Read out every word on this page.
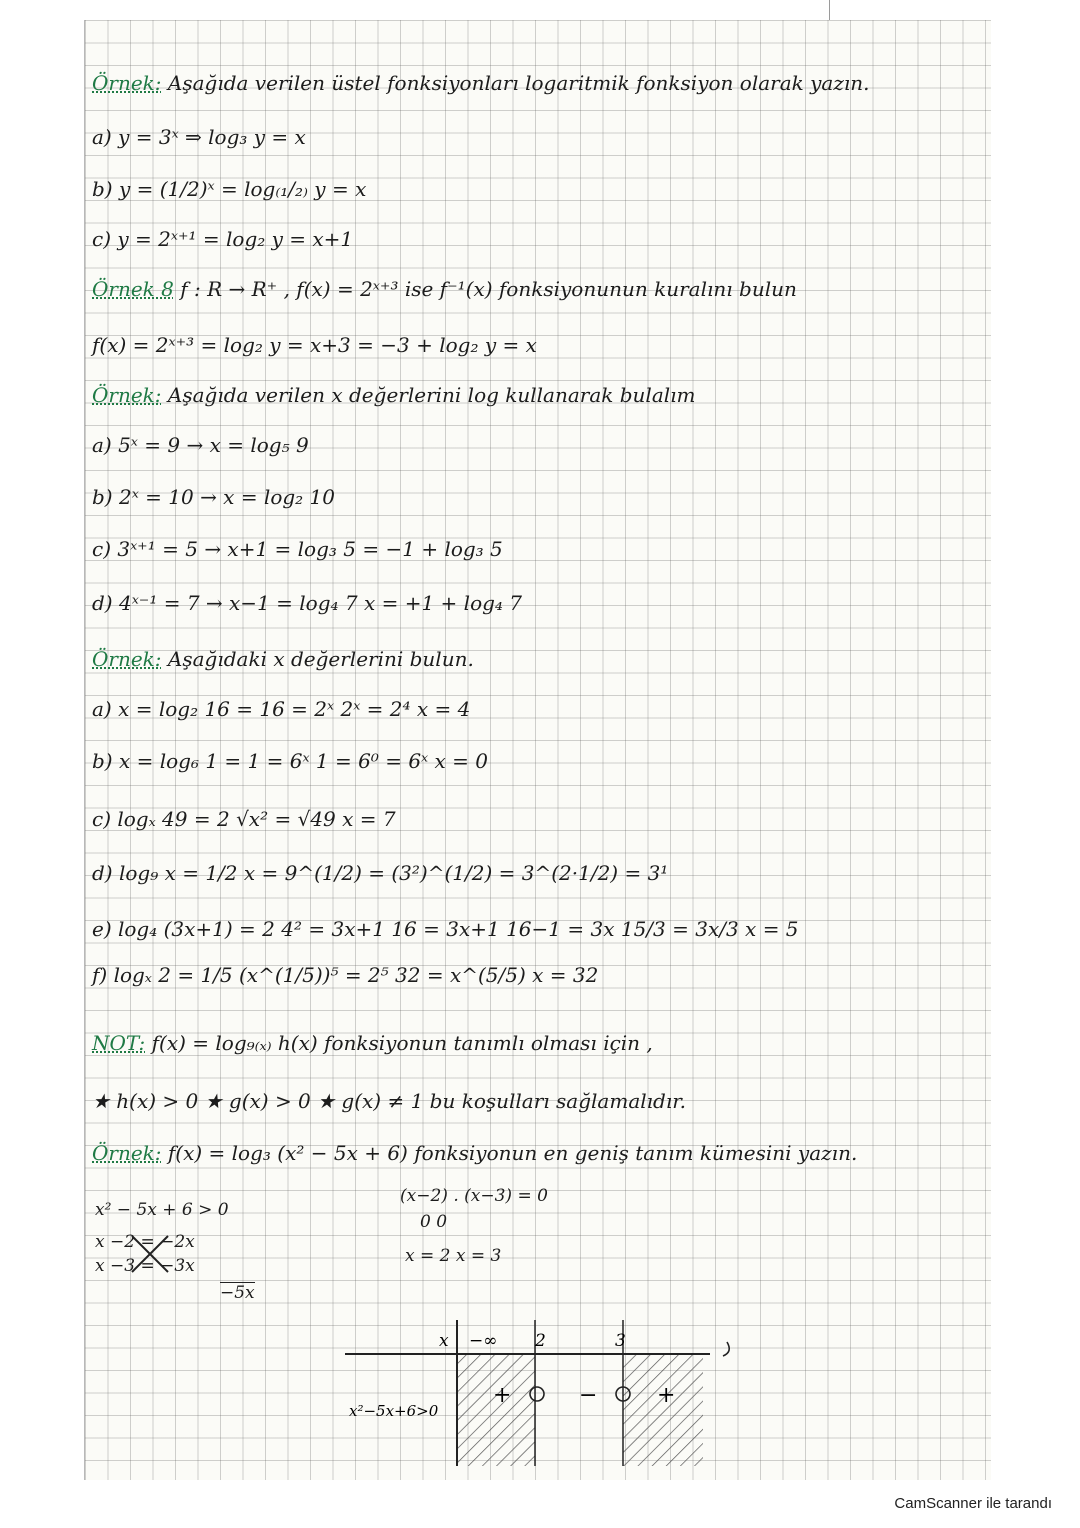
Örnek: Aşağıda verilen üstel fonksiyonları logaritmik fonksiyon olarak yazın.
a) y = 3ˣ ⇒ log₃ y = x
b) y = (1/2)ˣ = log₍₁/₂₎ y = x
c) y = 2ˣ⁺¹ = log₂ y = x+1
Örnek 8 f : R → R⁺ , f(x) = 2ˣ⁺³ ise f⁻¹(x) fonksiyonunun kuralını bulun
f(x) = 2ˣ⁺³ = log₂ y = x+3 = −3 + log₂ y = x
Örnek: Aşağıda verilen x değerlerini log kullanarak bulalım
a) 5ˣ = 9 → x = log₅ 9
b) 2ˣ = 10 → x = log₂ 10
c) 3ˣ⁺¹ = 5 → x+1 = log₃ 5 = −1 + log₃ 5
d) 4ˣ⁻¹ = 7 → x−1 = log₄ 7 x = +1 + log₄ 7
Örnek: Aşağıdaki x değerlerini bulun.
a) x = log₂ 16 = 16 = 2ˣ 2ˣ = 2⁴ x = 4
b) x = log₆ 1 = 1 = 6ˣ 1 = 6⁰ = 6ˣ x = 0
c) logₓ 49 = 2 √x² = √49 x = 7
d) log₉ x = 1/2 x = 9^(1/2) = (3²)^(1/2) = 3^(2·1/2) = 3¹
e) log₄ (3x+1) = 2 4² = 3x+1 16 = 3x+1 16−1 = 3x 15/3 = 3x/3 x = 5
f) logₓ 2 = 1/5 (x^(1/5))⁵ = 2⁵ 32 = x^(5/5) x = 32
NOT: f(x) = log₉₍ₓ₎ h(x) fonksiyonun tanımlı olması için ,
★ h(x) > 0 ★ g(x) > 0 ★ g(x) ≠ 1 bu koşulları sağlamalıdır.
Örnek: f(x) = log₃ (x² − 5x + 6) fonksiyonun en geniş tanım kümesini yazın.
x² − 5x + 6 > 0
x −2 = −2x
x −3 = −3x
−5x
(x−2) . (x−3) = 0
0 0
x = 2 x = 3
x −∞ 2	3
x²−5x+6>0
+	−	+
CamScanner ile tarandı
